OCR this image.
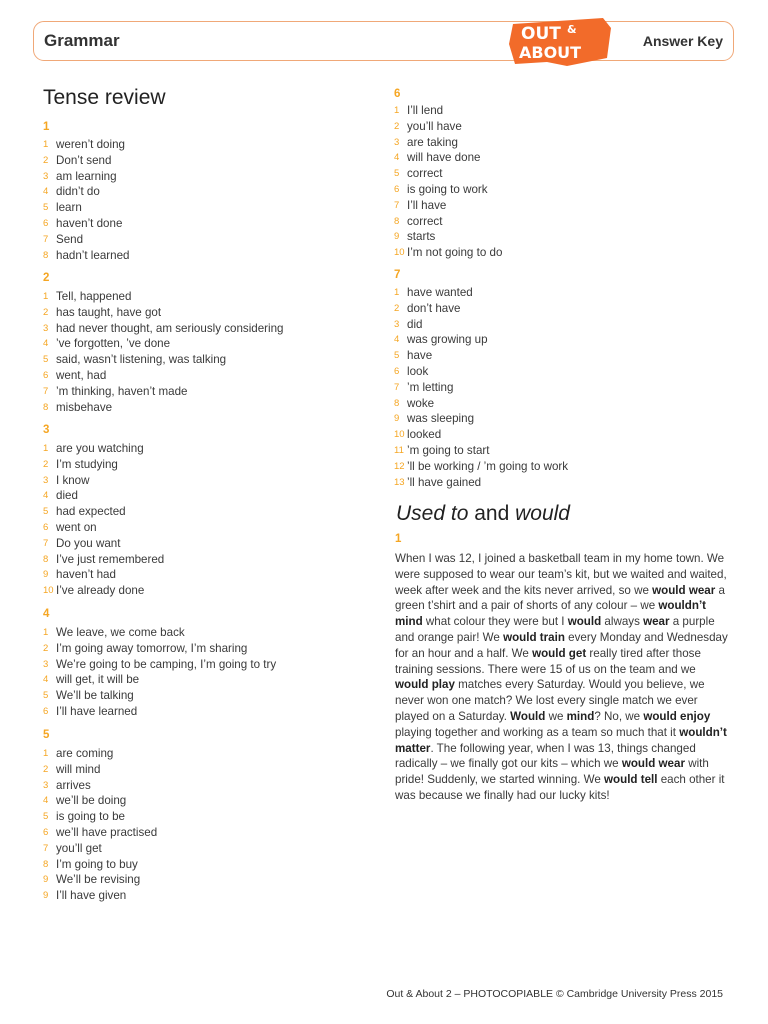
Grammar	OUT &
ABOUT
Answer Key
Tense review
1
1 weren’t doing
2 Don’t send
3 am learning
4 didn’t do
5 learn
6 haven’t done
7 Send
8 hadn’t learned
2
1 Tell, happened
2 has taught, have got
3 had never thought, am seriously considering
4 ’ve forgotten, ’ve done
5 said, wasn’t listening, was talking
6 went, had
7 ’m thinking, haven’t made
8 misbehave
3
1 are you watching
2 I’m studying
3 I know
4 died
5 had expected
6 went on
7 Do you want
8 I’ve just remembered
9 haven’t had
10 I’ve already done
4
1 We leave, we come back
2 I’m going away tomorrow, I’m sharing
3 We’re going to be camping, I’m going to try
4 will get, it will be
5 We’ll be talking
6 I’ll have learned
5
1 are coming
2 will mind
3 arrives
4 we’ll be doing
5 is going to be
6 we’ll have practised
7 you’ll get
8 I’m going to buy
9 We’ll be revising
9 I’ll have given
6
1 I’ll lend
2 you’ll have
3 are taking
4 will have done
5 correct
6 is going to work
7 I’ll have
8 correct
9 starts
10 I’m not going to do
7
1 have wanted
2 don’t have
3 did
4 was growing up
5 have
6 look
7 ’m letting
8 woke
9 was sleeping
10 looked
11 ’m going to start
12 ’ll be working / ’m going to work
13 ’ll have gained
Used to and would
1
When I was 12, I joined a basketball team in my home town. We were supposed to wear our team’s kit, but we waited and waited, week after week and the kits never arrived, so we would wear a green t’shirt and a pair of shorts of any colour – we wouldn’t mind what colour they were but I would always wear a purple and orange pair! We would train every Monday and Wednesday for an hour and a half. We would get really tired after those training sessions. There were 15 of us on the team and we would play matches every Saturday. Would you believe, we never won one match? We lost every single match we ever played on a Saturday. Would we mind? No, we would enjoy playing together and working as a team so much that it wouldn’t matter. The following year, when I was 13, things changed radically – we finally got our kits – which we would wear with pride! Suddenly, we started winning. We would tell each other it was because we finally had our lucky kits!
Out & About 2 – PHOTOCOPIABLE © Cambridge University Press 2015
